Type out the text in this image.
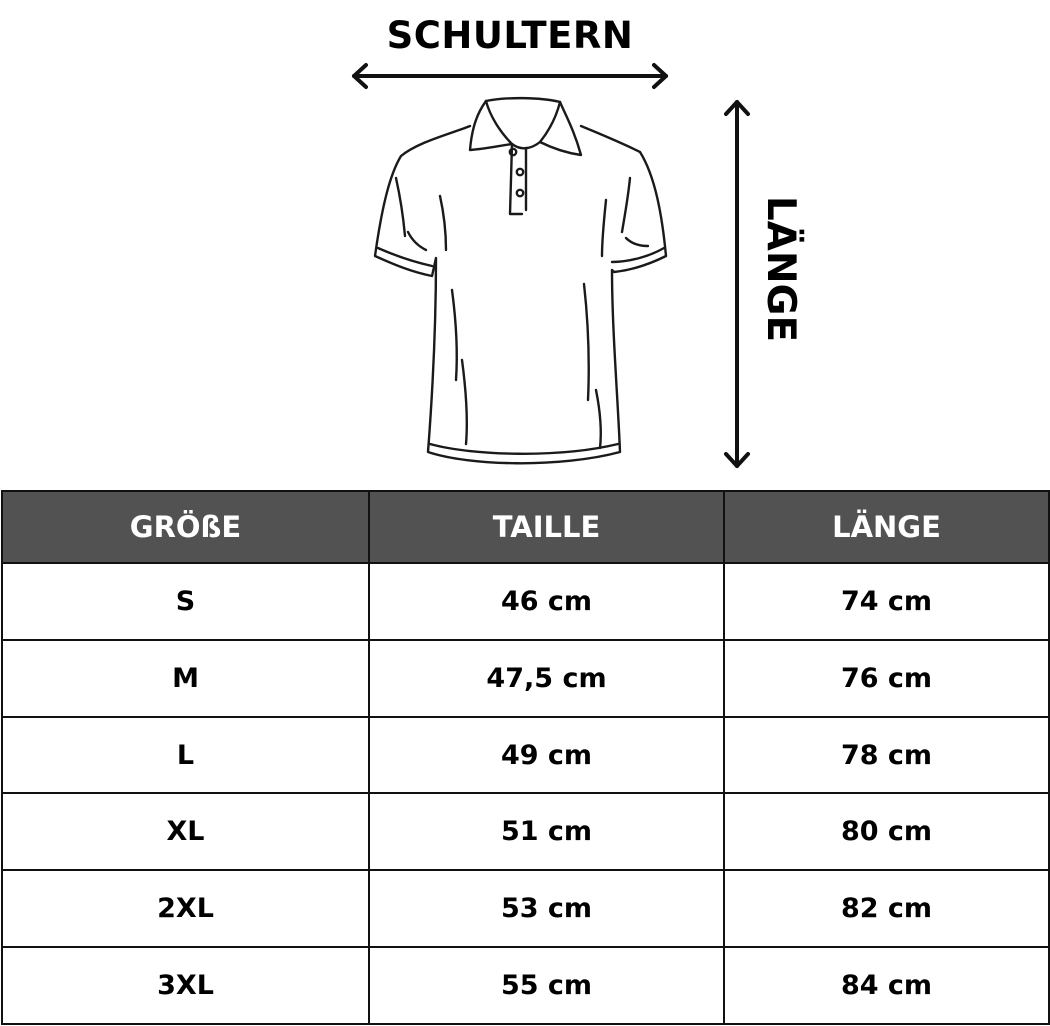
SCHULTERN
LÄNGE
GRÖßE	TAILLE	LÄNGE
S	46 cm	74 cm
M	47,5 cm	76 cm
L	49 cm	78 cm
XL	51 cm	80 cm
2XL	53 cm	82 cm
3XL	55 cm	84 cm
